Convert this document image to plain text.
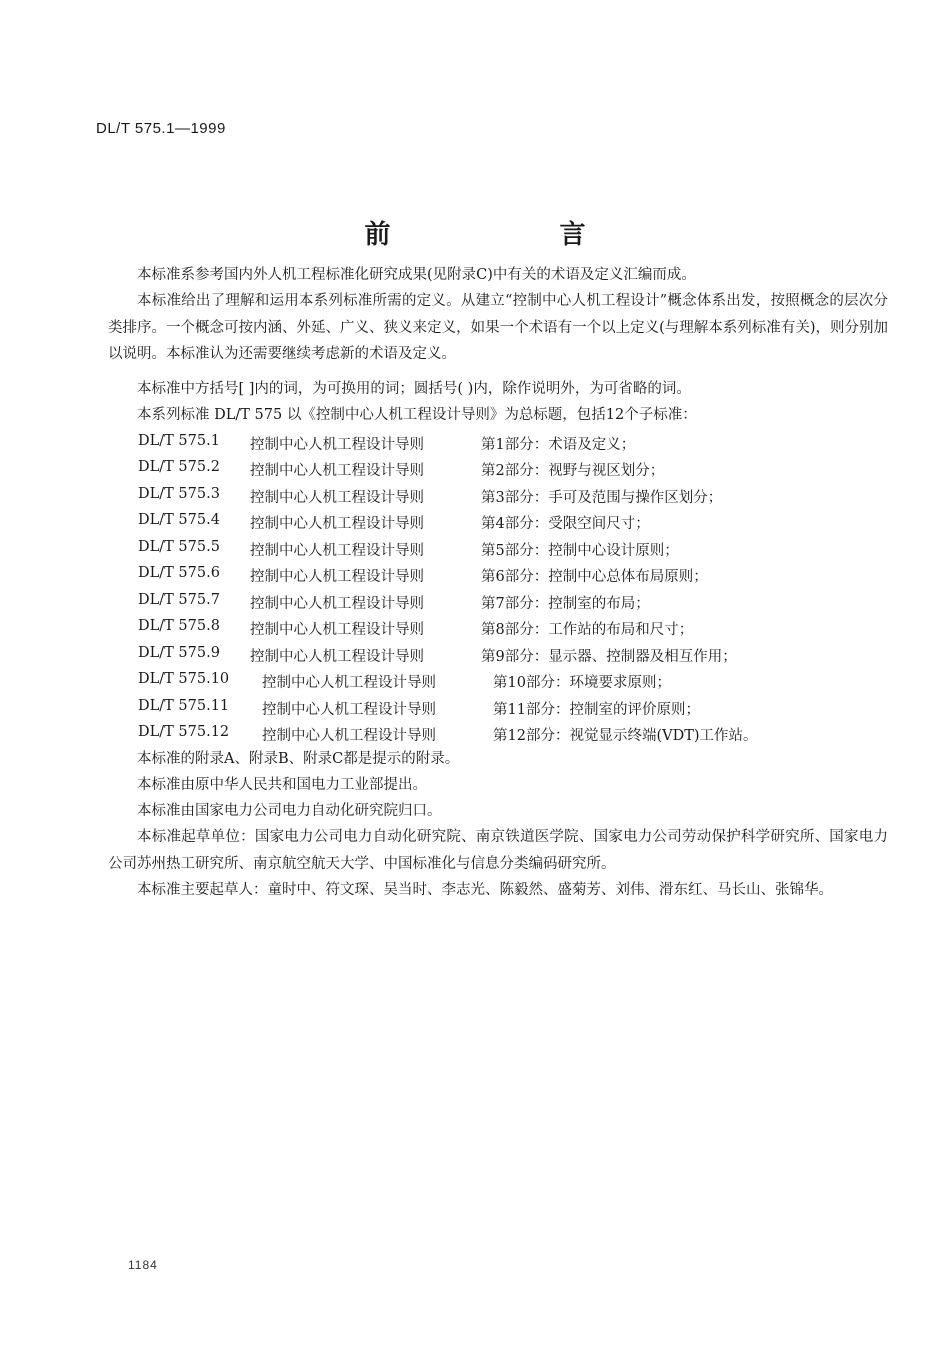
DL/T 575.1—1999
前 言
本标准系参考国内外人机工程标准化研究成果(见附录C)中有关的术语及定义汇编而成。
本标准给出了理解和运用本系列标准所需的定义。从建立“控制中心人机工程设计”概念体系出发，按照概念的层次分类排序。一个概念可按内涵、外延、广义、狭义来定义，如果一个术语有一个以上定义(与理解本系列标准有关)，则分别加以说明。本标准认为还需要继续考虑新的术语及定义。
本标准中方括号[ ]内的词，为可换用的词；圆括号( )内，除作说明外，为可省略的词。
本系列标准 DL/T 575 以《控制中心人机工程设计导则》为总标题，包括12个子标准：
DL/T 575.1 控制中心人机工程设计导则	第1部分：术语及定义；
DL/T 575.2 控制中心人机工程设计导则	第2部分：视野与视区划分；
DL/T 575.3 控制中心人机工程设计导则	第3部分：手可及范围与操作区划分；
DL/T 575.4 控制中心人机工程设计导则	第4部分：受限空间尺寸；
DL/T 575.5 控制中心人机工程设计导则	第5部分：控制中心设计原则；
DL/T 575.6 控制中心人机工程设计导则	第6部分：控制中心总体布局原则；
DL/T 575.7 控制中心人机工程设计导则	第7部分：控制室的布局；
DL/T 575.8 控制中心人机工程设计导则	第8部分：工作站的布局和尺寸；
DL/T 575.9 控制中心人机工程设计导则	第9部分：显示器、控制器及相互作用；
DL/T 575.10 控制中心人机工程设计导则	第10部分：环境要求原则；
DL/T 575.11 控制中心人机工程设计导则	第11部分：控制室的评价原则；
DL/T 575.12 控制中心人机工程设计导则	第12部分：视觉显示终端(VDT)工作站。
本标准的附录A、附录B、附录C都是提示的附录。
本标准由原中华人民共和国电力工业部提出。
本标准由国家电力公司电力自动化研究院归口。
本标准起草单位：国家电力公司电力自动化研究院、南京铁道医学院、国家电力公司劳动保护科学研究所、国家电力公司苏州热工研究所、南京航空航天大学、中国标准化与信息分类编码研究所。
本标准主要起草人：童时中、符文琛、吴当时、李志光、陈毅然、盛菊芳、刘伟、滑东红、马长山、张锦华。
1184
